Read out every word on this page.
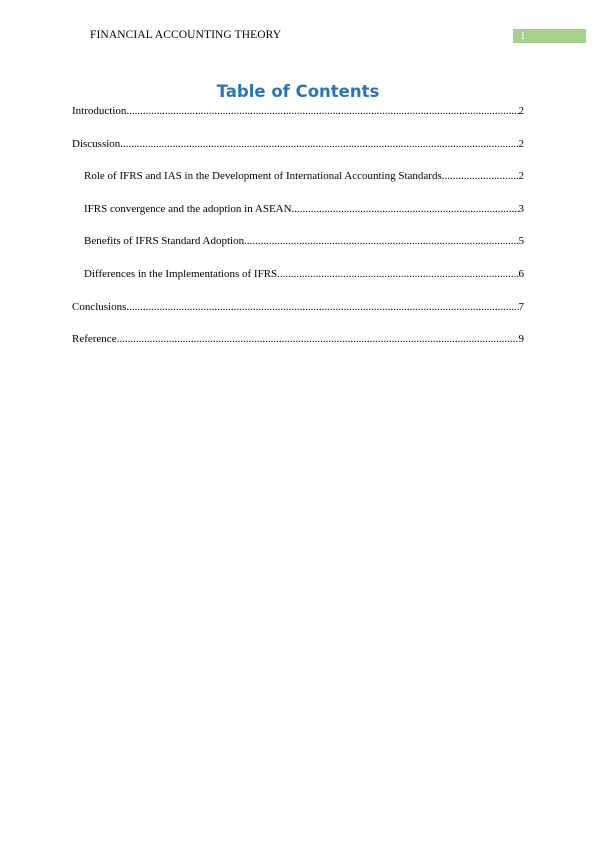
FINANCIAL ACCOUNTING THEORY	1
Table of Contents
Introduction .....	2
Discussion .....	2
Role of IFRS and IAS in the Development of International Accounting Standards .....	2
IFRS convergence and the adoption in ASEAN .....	3
Benefits of IFRS Standard Adoption .....	5
Differences in the Implementations of IFRS .....	6
Conclusions .....	7
Reference .....	9
